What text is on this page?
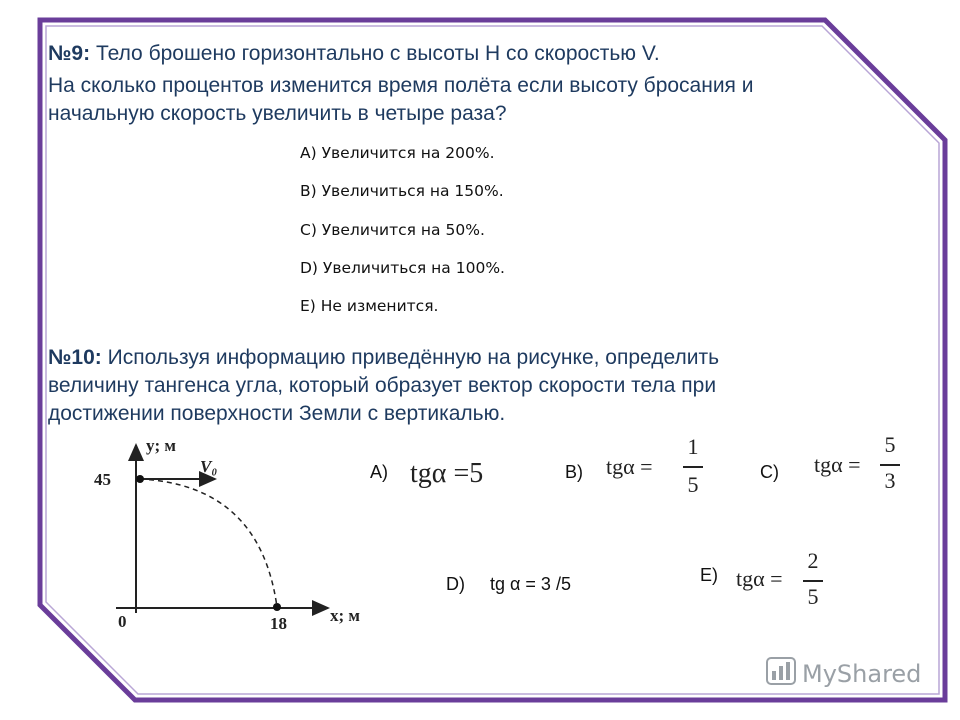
№9: Тело брошено горизонтально с высоты H со скоростью V.
На сколько процентов изменится время полёта если высоту бросания и
начальную скорость увеличить в четыре раза?
A) Увеличится на 200%.
B) Увеличиться на 150%.
C) Увеличится на 50%.
D) Увеличиться на 100%.
E) Не изменится.
№10: Используя информацию приведённую на рисунке, определить
величину тангенса угла, который образует вектор скорости тела при
достижении поверхности Земли с вертикалью.
y; м
V₀
45
0	18	x; м
A) tgα =5	B) tgα =
1
5	C) tgα =
5
3
D) tg α = 3 /5	E) tgα =
2
5
MyShared
